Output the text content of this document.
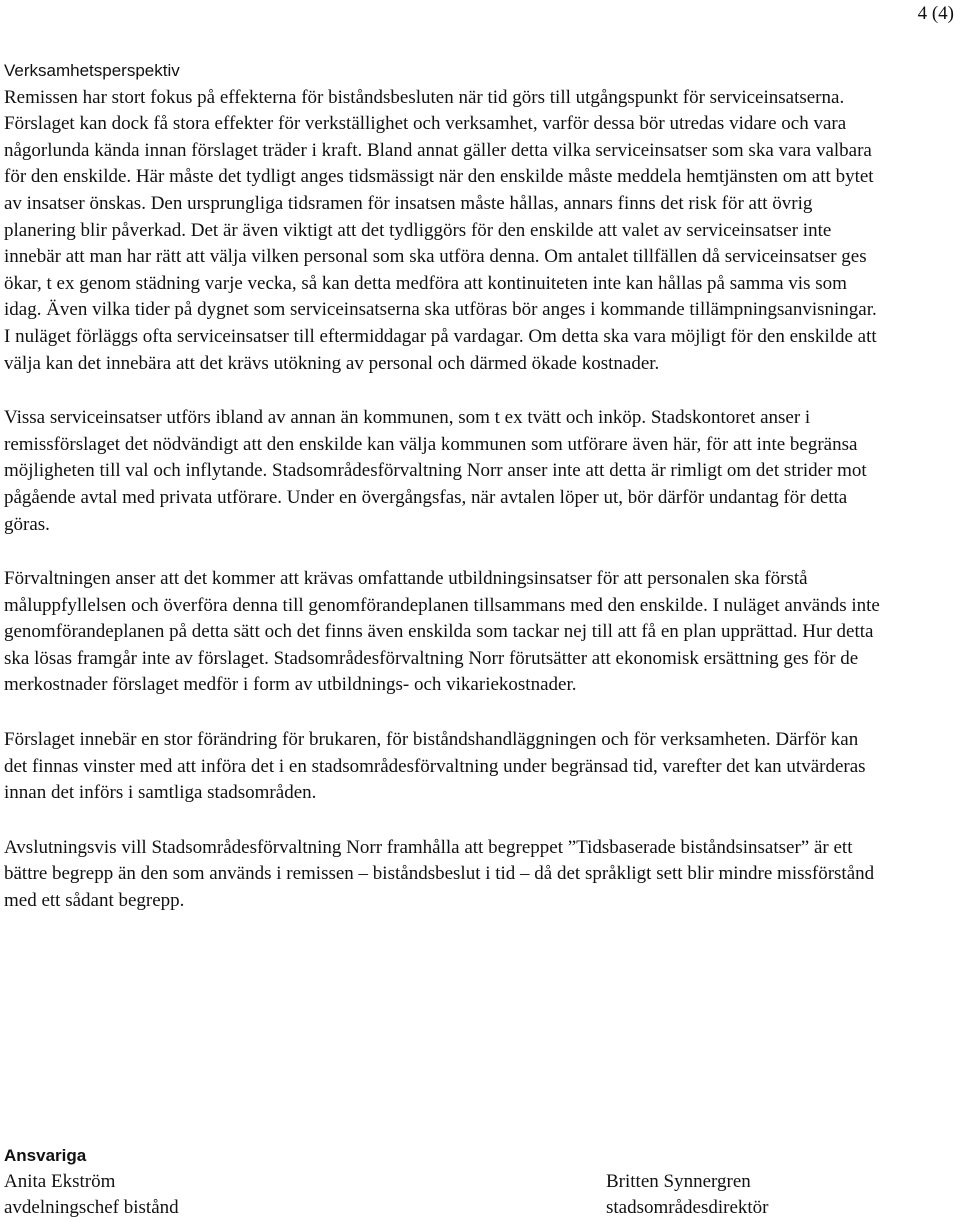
4 (4)
Verksamhetsperspektiv

Remissen har stort fokus på effekterna för biståndsbesluten när tid görs till utgångspunkt för serviceinsatserna. Förslaget kan dock få stora effekter för verkställighet och verksamhet, varför dessa bör utredas vidare och vara någorlunda kända innan förslaget träder i kraft. Bland annat gäller detta vilka serviceinsatser som ska vara valbara för den enskilde. Här måste det tydligt anges tidsmässigt när den enskilde måste meddela hemtjänsten om att bytet av insatser önskas. Den ursprungliga tidsramen för insatsen måste hållas, annars finns det risk för att övrig planering blir påverkad. Det är även viktigt att det tydliggörs för den enskilde att valet av serviceinsatser inte innebär att man har rätt att välja vilken personal som ska utföra denna. Om antalet tillfällen då serviceinsatser ges ökar, t ex genom städning varje vecka, så kan detta medföra att kontinuiteten inte kan hållas på samma vis som idag. Även vilka tider på dygnet som serviceinsatserna ska utföras bör anges i kommande tillämpningsanvisningar. I nuläget förläggs ofta serviceinsatser till eftermiddagar på vardagar. Om detta ska vara möjligt för den enskilde att välja kan det innebära att det krävs utökning av personal och därmed ökade kostnader.

Vissa serviceinsatser utförs ibland av annan än kommunen, som t ex tvätt och inköp. Stadskontoret anser i remissförslaget det nödvändigt att den enskilde kan välja kommunen som utförare även här, för att inte begränsa möjligheten till val och inflytande. Stadsområdesförvaltning Norr anser inte att detta är rimligt om det strider mot pågående avtal med privata utförare. Under en övergångsfas, när avtalen löper ut, bör därför undantag för detta göras.

Förvaltningen anser att det kommer att krävas omfattande utbildningsinsatser för att personalen ska förstå måluppfyllelsen och överföra denna till genomförandeplanen tillsammans med den enskilde. I nuläget används inte genomförandeplanen på detta sätt och det finns även enskilda som tackar nej till att få en plan upprättad. Hur detta ska lösas framgår inte av förslaget. Stadsområdesförvaltning Norr förutsätter att ekonomisk ersättning ges för de merkostnader förslaget medför i form av utbildnings- och vikariekostnader.

Förslaget innebär en stor förändring för brukaren, för biståndshandläggningen och för verksamheten. Därför kan det finnas vinster med att införa det i en stadsområdesförvaltning under begränsad tid, varefter det kan utvärderas innan det införs i samtliga stadsområden.

Avslutningsvis vill Stadsområdesförvaltning Norr framhålla att begreppet ”Tidsbaserade biståndsinsatser” är ett bättre begrepp än den som används i remissen – biståndsbeslut i tid – då det språkligt sett blir mindre missförstånd med ett sådant begrepp.

Ansvariga
Anita Ekström
avdelningschef bistånd
Britten Synnergren
stadsområdesdirektör
